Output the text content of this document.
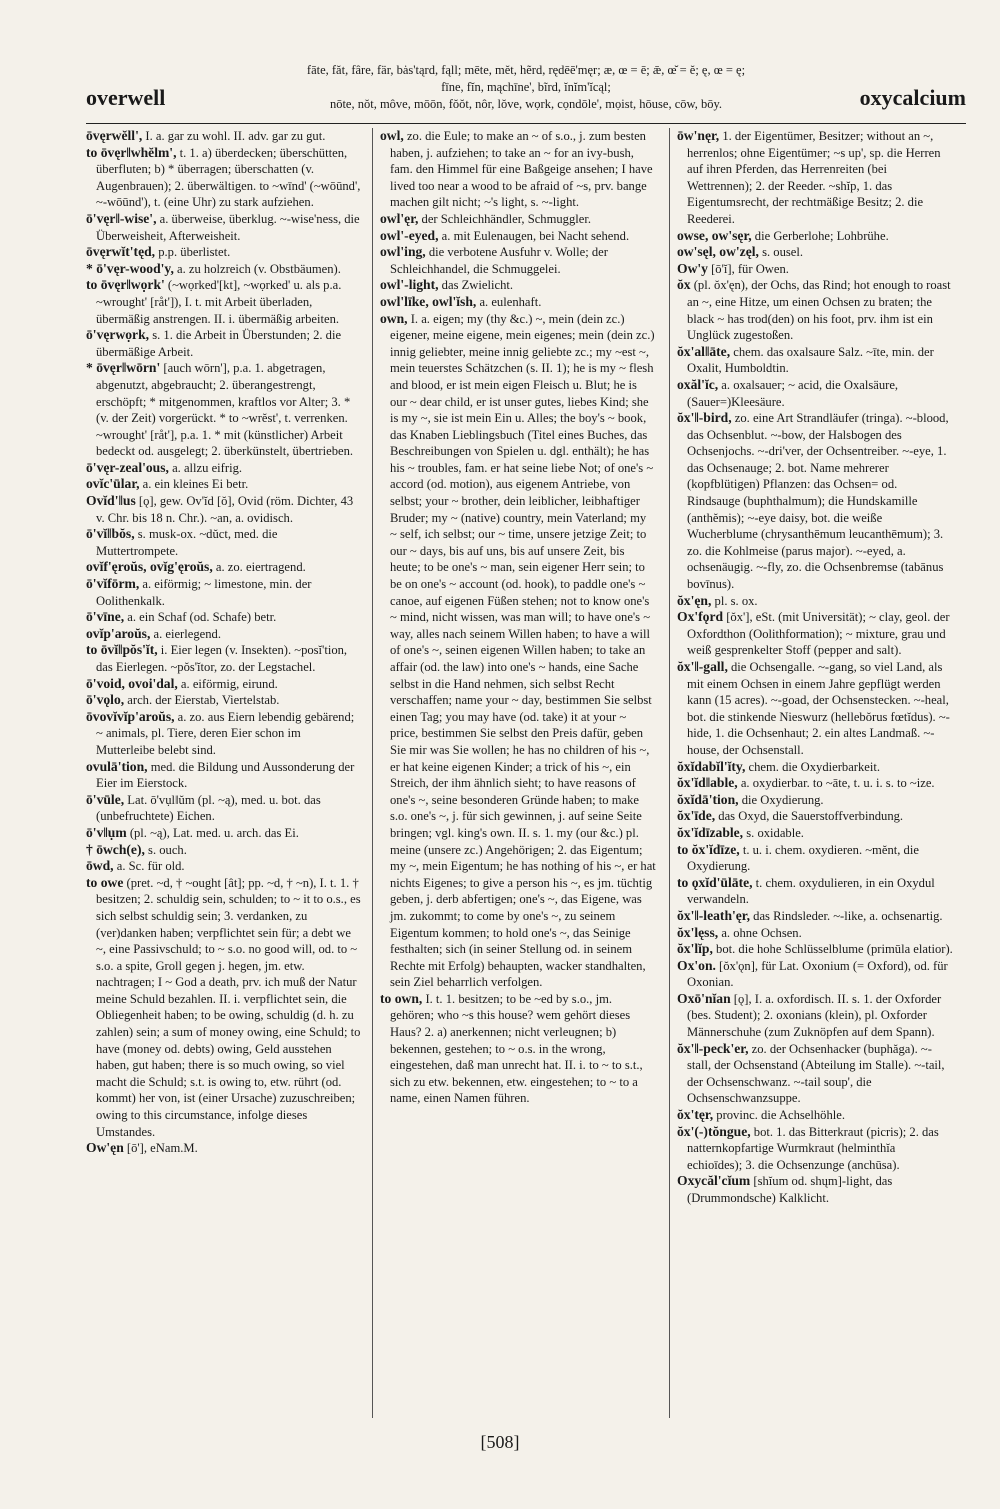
overwell
fāte, făt, fâre, fär, bȧs'tąrd, fąll; mēte, mĕt, hẽrd, rędēē'męr; æ, œ = ē; ǣ, œ̆ = ĕ; ę, œ = ę;
fīne, fĭn, mąchīne', bĩrd, ĭnĭm'ĭcąl;
nōte, nŏt, môve, mōōn, fŏŏt, nôr, lŏve, wọrk, cọndōle', mọist, hōuse, cōw, bōy.	oxycalcium
ōvęrwĕll', I. a. gar zu wohl. II. adv. gar zu gut.
to ōvęr‖whĕlm', t. 1. a) überdecken; überschütten, überfluten; b) * überragen; überschatten (v. Augenbrauen); 2. überwältigen. to ~wīnd' (~wōūnd', ~-wōūnd'), t. (eine Uhr) zu stark aufziehen.
ō'vęr‖-wise', a. überweise, überklug. ~-wise'ness, die Überweisheit, Afterweisheit.
ōvęrwĭt'tęd, p.p. überlistet.
* ō'vęr-wood'y, a. zu holzreich (v. Obstbäumen).
to ōvęr‖wọrk' (~wọrked'[kt], ~wọrked' u. als p.a. ~wrought' [råt']), I. t. mit Arbeit überladen, übermäßig anstrengen. II. i. übermäßig arbeiten.
ō'vęrwọrk, s. 1. die Arbeit in Überstunden; 2. die übermäßige Arbeit.
* ōvęr‖wōrn' [auch wōrn'], p.a. 1. abgetragen, abgenutzt, abgebraucht; 2. überangestrengt, erschöpft; * mitgenommen, kraftlos vor Alter; 3. * (v. der Zeit) vorgerückt. * to ~wrĕst', t. verrenken. ~wrought' [råt'], p.a. 1. * mit (künstlicher) Arbeit bedeckt od. ausgelegt; 2. überkünstelt, übertrieben.
ō'vęr-zeal'ous, a. allzu eifrig.
ovĭc'ūlar, a. ein kleines Ei betr.
Ovĭd'‖us [ǫ], gew. Ov'ĭd [ŏ], Ovid (röm. Dichter, 43 v. Chr. bis 18 n. Chr.). ~an, a. ovidisch.
ō'vĭ‖bŏs, s. musk-ox. ~dŭct, med. die Muttertrompete.
ovĭf'ęroŭs, ovĭg'ęroŭs, a. zo. eiertragend.
ō'vĭfōrm, a. eiförmig; ~ limestone, min. der Oolithenkalk.
ō'vīne, a. ein Schaf (od. Schafe) betr.
ovĭp'aroŭs, a. eierlegend.
to ōvĭ‖pŏs'ĭt, i. Eier legen (v. Insekten). ~posĭ'tion, das Eierlegen. ~pŏs'ĭtor, zo. der Legstachel.
ō'void, ovoi'dal, a. eiförmig, eirund.
ō'vǫlo, arch. der Eierstab, Viertelstab.
ōvovĭvĭp'aroŭs, a. zo. aus Eiern lebendig gebärend; ~ animals, pl. Tiere, deren Eier schon im Mutterleibe belebt sind.
ovulā'tion, med. die Bildung und Aussonderung der Eier im Eierstock.
ō'vūle, Lat. ō'vụl‖ŭm (pl. ~ą), med. u. bot. das (unbefruchtete) Eichen.
ō'v‖ụm (pl. ~ą), Lat. med. u. arch. das Ei.
† ōwch(e), s. ouch.
ōwd, a. Sc. für old.
to owe (pret. ~d, † ~ought [ât]; pp. ~d, † ~n), I. t. 1. † besitzen; 2. schuldig sein, schulden; to ~ it to o.s., es sich selbst schuldig sein; 3. verdanken, zu (ver)danken haben; verpflichtet sein für; a debt we ~, eine Passivschuld; to ~ s.o. no good will, od. to ~ s.o. a spite, Groll gegen j. hegen, jm. etw. nachtragen; I ~ God a death, prv. ich muß der Natur meine Schuld bezahlen. II. i. verpflichtet sein, die Obliegenheit haben; to be owing, schuldig (d. h. zu zahlen) sein; a sum of money owing, eine Schuld; to have (money od. debts) owing, Geld ausstehen haben, gut haben; there is so much owing, so viel macht die Schuld; s.t. is owing to, etw. rührt (od. kommt) her von, ist (einer Ursache) zuzuschreiben; owing to this circumstance, infolge dieses Umstandes.
Ow'ęn [ō'], eNam.M.
owl, zo. die Eule; to make an ~ of s.o., j. zum besten haben, j. aufziehen; to take an ~ for an ivy-bush, fam. den Himmel für eine Baßgeige ansehen; I have lived too near a wood to be afraid of ~s, prv. bange machen gilt nicht; ~'s light, s. ~-light.
owl'ęr, der Schleichhändler, Schmuggler.
owl'-eyed, a. mit Eulenaugen, bei Nacht sehend.
owl'ing, die verbotene Ausfuhr v. Wolle; der Schleichhandel, die Schmuggelei.
owl'-light, das Zwielicht.
owl'līke, owl'ĭsh, a. eulenhaft.
own, I. a. eigen; my (thy &c.) ~, mein (dein zc.) eigener, meine eigene, mein eigenes; mein (dein zc.) innig geliebter, meine innig geliebte zc.; my ~est ~, mein teuerstes Schätzchen (s. II. 1); he is my ~ flesh and blood, er ist mein eigen Fleisch u. Blut; he is our ~ dear child, er ist unser gutes, liebes Kind; she is my ~, sie ist mein Ein u. Alles; the boy's ~ book, das Knaben Lieblingsbuch (Titel eines Buches, das Beschreibungen von Spielen u. dgl. enthält); he has his ~ troubles, fam. er hat seine liebe Not; of one's ~ accord (od. motion), aus eigenem Antriebe, von selbst; your ~ brother, dein leiblicher, leibhaftiger Bruder; my ~ (native) country, mein Vaterland; my ~ self, ich selbst; our ~ time, unsere jetzige Zeit; to our ~ days, bis auf uns, bis auf unsere Zeit, bis heute; to be one's ~ man, sein eigener Herr sein; to be on one's ~ account (od. hook), to paddle one's ~ canoe, auf eigenen Füßen stehen; not to know one's ~ mind, nicht wissen, was man will; to have one's ~ way, alles nach seinem Willen haben; to have a will of one's ~, seinen eigenen Willen haben; to take an affair (od. the law) into one's ~ hands, eine Sache selbst in die Hand nehmen, sich selbst Recht verschaffen; name your ~ day, bestimmen Sie selbst einen Tag; you may have (od. take) it at your ~ price, bestimmen Sie selbst den Preis dafür, geben Sie mir was Sie wollen; he has no children of his ~, er hat keine eigenen Kinder; a trick of his ~, ein Streich, der ihm ähnlich sieht; to have reasons of one's ~, seine besonderen Gründe haben; to make s.o. one's ~, j. für sich gewinnen, j. auf seine Seite bringen; vgl. king's own. II. s. 1. my (our &c.) pl. meine (unsere zc.) Angehörigen; 2. das Eigentum; my ~, mein Eigentum; he has nothing of his ~, er hat nichts Eigenes; to give a person his ~, es jm. tüchtig geben, j. derb abfertigen; one's ~, das Eigene, was jm. zukommt; to come by one's ~, zu seinem Eigentum kommen; to hold one's ~, das Seinige festhalten; sich (in seiner Stellung od. in seinem Rechte mit Erfolg) behaupten, wacker standhalten, sein Ziel beharrlich verfolgen.
to own, I. t. 1. besitzen; to be ~ed by s.o., jm. gehören; who ~s this house? wem gehört dieses Haus? 2. a) anerkennen; nicht verleugnen; b) bekennen, gestehen; to ~ o.s. in the wrong, eingestehen, daß man unrecht hat. II. i. to ~ to s.t., sich zu etw. bekennen, etw. eingestehen; to ~ to a name, einen Namen führen.
ōw'nęr, 1. der Eigentümer, Besitzer; without an ~, herrenlos; ohne Eigentümer; ~s up', sp. die Herren auf ihren Pferden, das Herrenreiten (bei Wettrennen); 2. der Reeder. ~shĭp, 1. das Eigentumsrecht, der rechtmäßige Besitz; 2. die Reederei.
owse, ow'sęr, die Gerberlohe; Lohbrühe.
ow'sęl, ow'zęl, s. ousel.
Ow'y [ō'ĭ], für Owen.
ŏx (pl. ŏx'ęn), der Ochs, das Rind; hot enough to roast an ~, eine Hitze, um einen Ochsen zu braten; the black ~ has trod(den) on his foot, prv. ihm ist ein Unglück zugestoßen.
ŏx'al‖āte, chem. das oxalsaure Salz. ~īte, min. der Oxalit, Humboldtin.
oxăl'ĭc, a. oxalsauer; ~ acid, die Oxalsäure, (Sauer=)Kleesäure.
ŏx'‖-bird, zo. eine Art Strandläufer (tringa). ~-blood, das Ochsenblut. ~-bow, der Halsbogen des Ochsenjochs. ~-dri'ver, der Ochsentreiber. ~-eye, 1. das Ochsenauge; 2. bot. Name mehrerer (kopfblütigen) Pflanzen: das Ochsen= od. Rindsauge (buphthalmum); die Hundskamille (anthĕmis); ~-eye daisy, bot. die weiße Wucherblume (chrysanthēmum leucanthēmum); 3. zo. die Kohlmeise (parus major). ~-eyed, a. ochsenäugig. ~-fly, zo. die Ochsenbremse (tabānus bovīnus).
ŏx'ęn, pl. s. ox.
Ox'fǫrd [ŏx'], eSt. (mit Universität); ~ clay, geol. der Oxfordthon (Oolithformation); ~ mixture, grau und weiß gesprenkelter Stoff (pepper and salt).
ŏx'‖-gall, die Ochsengalle. ~-gang, so viel Land, als mit einem Ochsen in einem Jahre gepflügt werden kann (15 acres). ~-goad, der Ochsenstecken. ~-heal, bot. die stinkende Nieswurz (hellebŏrus fœtĭdus). ~-hide, 1. die Ochsenhaut; 2. ein altes Landmaß. ~-house, der Ochsenstall.
ŏxĭdabĭl'ĭty, chem. die Oxydierbarkeit.
ŏx'ĭd‖able, a. oxydierbar. to ~āte, t. u. i. s. to ~ize.
ŏxĭdā'tion, die Oxydierung.
ŏx'īde, das Oxyd, die Sauerstoffverbindung.
ŏx'ĭdīzable, s. oxidable.
to ŏx'ĭdīze, t. u. i. chem. oxydieren. ~mĕnt, die Oxydierung.
to ǫxĭd'ūlāte, t. chem. oxydulieren, in ein Oxydul verwandeln.
ŏx'‖-leath'ęr, das Rindsleder. ~-like, a. ochsenartig.
ŏx'lęss, a. ohne Ochsen.
ŏx'lĭp, bot. die hohe Schlüsselblume (primūla elatior).
Ox'on. [ŏx'ǫn], für Lat. Oxonium (= Oxford), od. für Oxonian.
Oxō'nĭan [ǫ], I. a. oxfordisch. II. s. 1. der Oxforder (bes. Student); 2. oxonians (klein), pl. Oxforder Männerschuhe (zum Zuknöpfen auf dem Spann).
ŏx'‖-peck'er, zo. der Ochsenhacker (buphăga). ~-stall, der Ochsenstand (Abteilung im Stalle). ~-tail, der Ochsenschwanz. ~-tail soup', die Ochsenschwanzsuppe.
ŏx'tęr, provinc. die Achselhöhle.
ŏx'(-)tŏngue, bot. 1. das Bitterkraut (picris); 2. das natternkopfartige Wurmkraut (helminthĭa echioīdes); 3. die Ochsenzunge (anchūsa).
Oxycăl'cĭum [shĭum od. shųm]-light, das (Drummondsche) Kalklicht.
[508]
